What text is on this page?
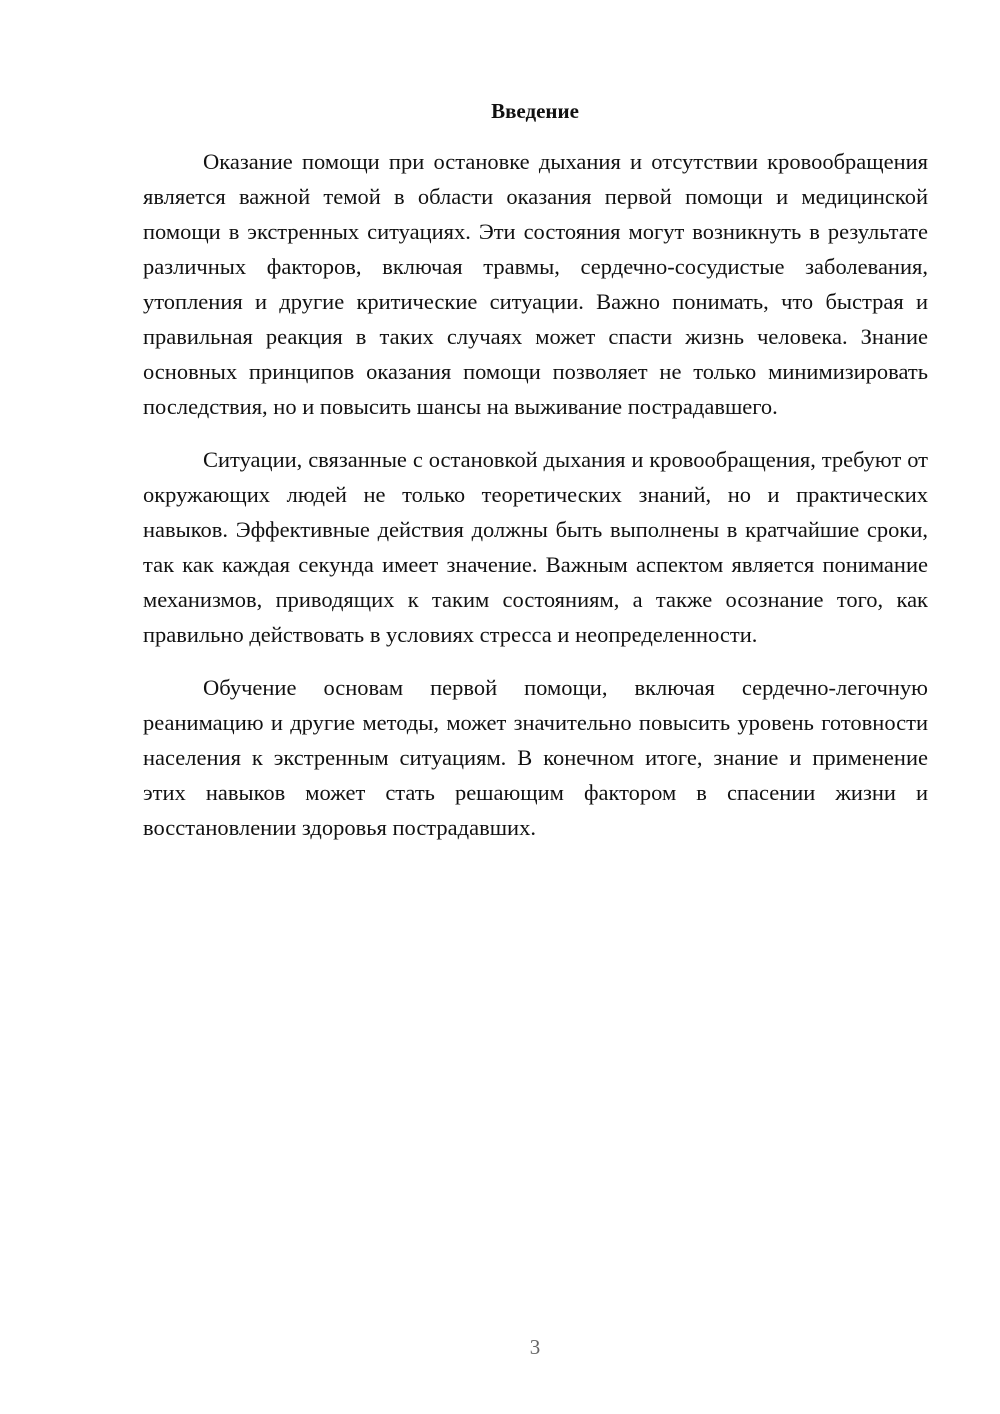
Введение

Оказание помощи при остановке дыхания и отсутствии кровообращения является важной темой в области оказания первой помощи и медицинской помощи в экстренных ситуациях. Эти состояния могут возникнуть в результате различных факторов, включая травмы, сердечно-сосудистые заболевания, утопления и другие критические ситуации. Важно понимать, что быстрая и правильная реакция в таких случаях может спасти жизнь человека. Знание основных принципов оказания помощи позволяет не только минимизировать последствия, но и повысить шансы на выживание пострадавшего.

Ситуации, связанные с остановкой дыхания и кровообращения, требуют от окружающих людей не только теоретических знаний, но и практических навыков. Эффективные действия должны быть выполнены в кратчайшие сроки, так как каждая секунда имеет значение. Важным аспектом является понимание механизмов, приводящих к таким состояниям, а также осознание того, как правильно действовать в условиях стресса и неопределенности.

Обучение основам первой помощи, включая сердечно-легочную реанимацию и другие методы, может значительно повысить уровень готовности населения к экстренным ситуациям. В конечном итоге, знание и применение этих навыков может стать решающим фактором в спасении жизни и восстановлении здоровья пострадавших.

3
